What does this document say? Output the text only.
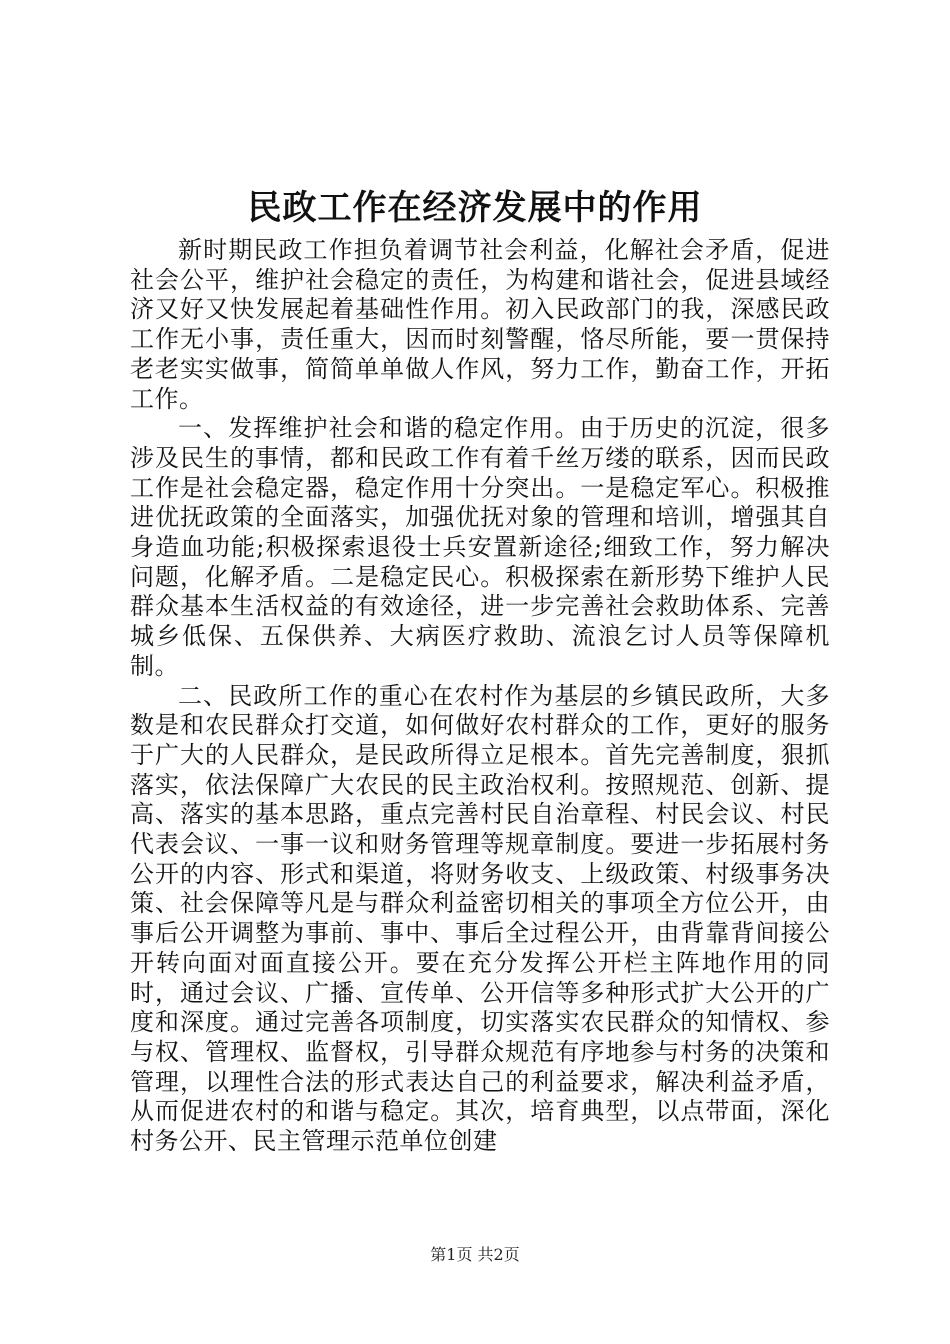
民政工作在经济发展中的作用

新时期民政工作担负着调节社会利益，化解社会矛盾，促进社会公平，维护社会稳定的责任，为构建和谐社会，促进县域经济又好又快发展起着基础性作用。初入民政部门的我，深感民政工作无小事，责任重大，因而时刻警醒，恪尽所能，要一贯保持老老实实做事，简简单单做人作风，努力工作，勤奋工作，开拓工作。

一、发挥维护社会和谐的稳定作用。由于历史的沉淀，很多涉及民生的事情，都和民政工作有着千丝万缕的联系，因而民政工作是社会稳定器，稳定作用十分突出。一是稳定军心。积极推进优抚政策的全面落实，加强优抚对象的管理和培训，增强其自身造血功能;积极探索退役士兵安置新途径;细致工作，努力解决问题，化解矛盾。二是稳定民心。积极探索在新形势下维护人民群众基本生活权益的有效途径，进一步完善社会救助体系、完善城乡低保、五保供养、大病医疗救助、流浪乞讨人员等保障机制。

二、民政所工作的重心在农村作为基层的乡镇民政所，大多数是和农民群众打交道，如何做好农村群众的工作，更好的服务于广大的人民群众，是民政所得立足根本。首先完善制度，狠抓落实，依法保障广大农民的民主政治权利。按照规范、创新、提高、落实的基本思路，重点完善村民自治章程、村民会议、村民代表会议、一事一议和财务管理等规章制度。要进一步拓展村务公开的内容、形式和渠道，将财务收支、上级政策、村级事务决策、社会保障等凡是与群众利益密切相关的事项全方位公开，由事后公开调整为事前、事中、事后全过程公开，由背靠背间接公开转向面对面直接公开。要在充分发挥公开栏主阵地作用的同时，通过会议、广播、宣传单、公开信等多种形式扩大公开的广度和深度。通过完善各项制度，切实落实农民群众的知情权、参与权、管理权、监督权，引导群众规范有序地参与村务的决策和管理，以理性合法的形式表达自己的利益要求，解决利益矛盾，从而促进农村的和谐与稳定。其次，培育典型，以点带面，深化村务公开、民主管理示范单位创建

第1页 共2页
